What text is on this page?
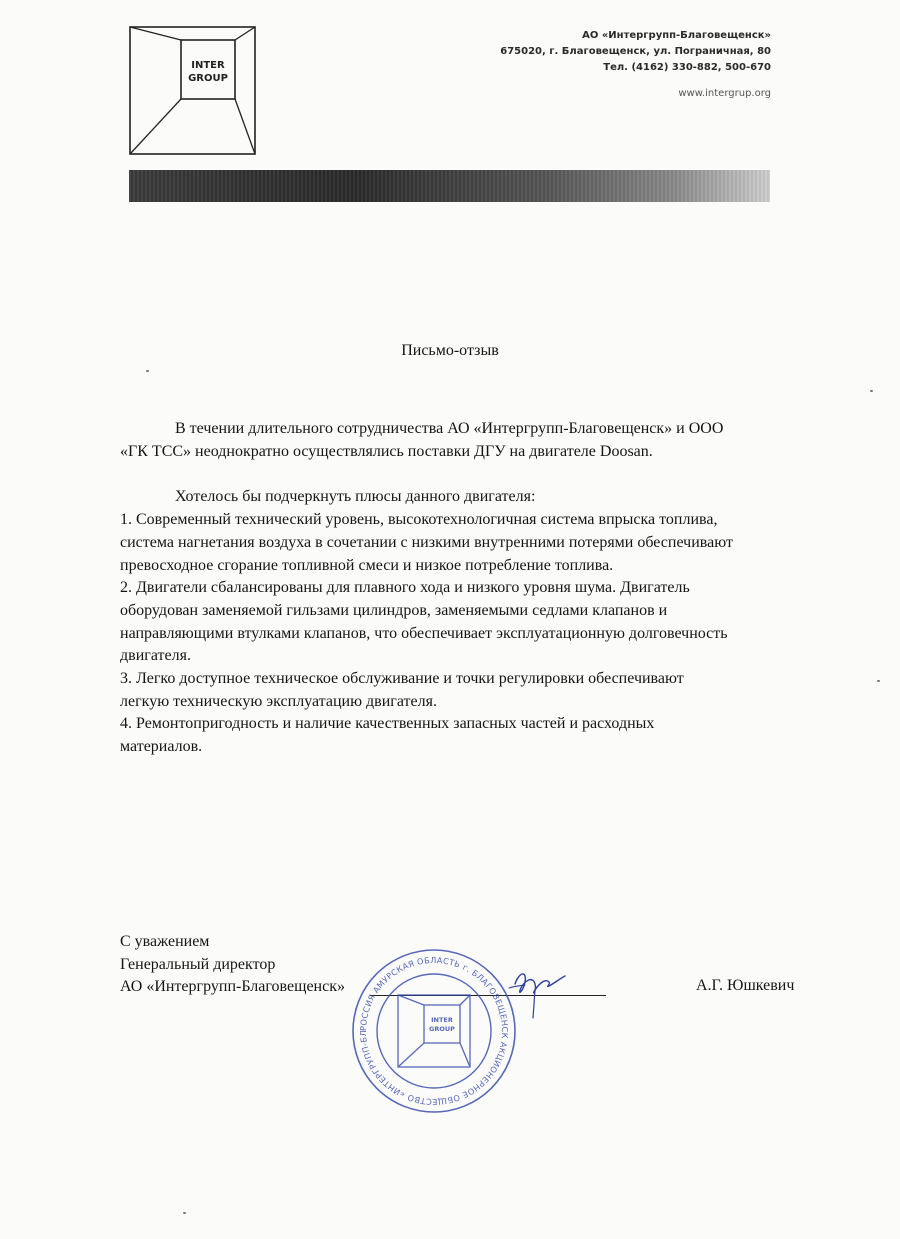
INTER
GROUP
АО «Интергрупп-Благовещенск»
675020, г. Благовещенск, ул. Пограничная, 80
Тел. (4162) 330-882, 500-670
www.intergrup.org
Письмо-отзыв

В течении длительного сотрудничества АО «Интергрупп-Благовещенск» и ООО

«ГК ТСС» неоднократно осуществлялись поставки ДГУ на двигателе Doosan.

Хотелось бы подчеркнуть плюсы данного двигателя:

1. Современный технический уровень, высокотехнологичная система впрыска топлива,

система нагнетания воздуха в сочетании с низкими внутренними потерями обеспечивают

превосходное сгорание топливной смеси и низкое потребление топлива.

2. Двигатели сбалансированы для плавного хода и низкого уровня шума. Двигатель

оборудован заменяемой гильзами цилиндров, заменяемыми седлами клапанов и

направляющими втулками клапанов, что обеспечивает эксплуатационную долговечность

двигателя.

3. Легко доступное техническое обслуживание и точки регулировки обеспечивают

легкую техническую эксплуатацию двигателя.

4. Ремонтопригодность и наличие качественных запасных частей и расходных

материалов.

С уважением
Генеральный директор
АО «Интергрупп-Благовещенск»	А.Г. Юшкевич
РОССИЯ АМУРСКАЯ ОБЛАСТЬ г. БЛАГОВЕЩЕНСК АКЦИОНЕРНОЕ ОБЩЕСТВО «ИНТЕРГРУПП-БЛ
INTER
GROUP
